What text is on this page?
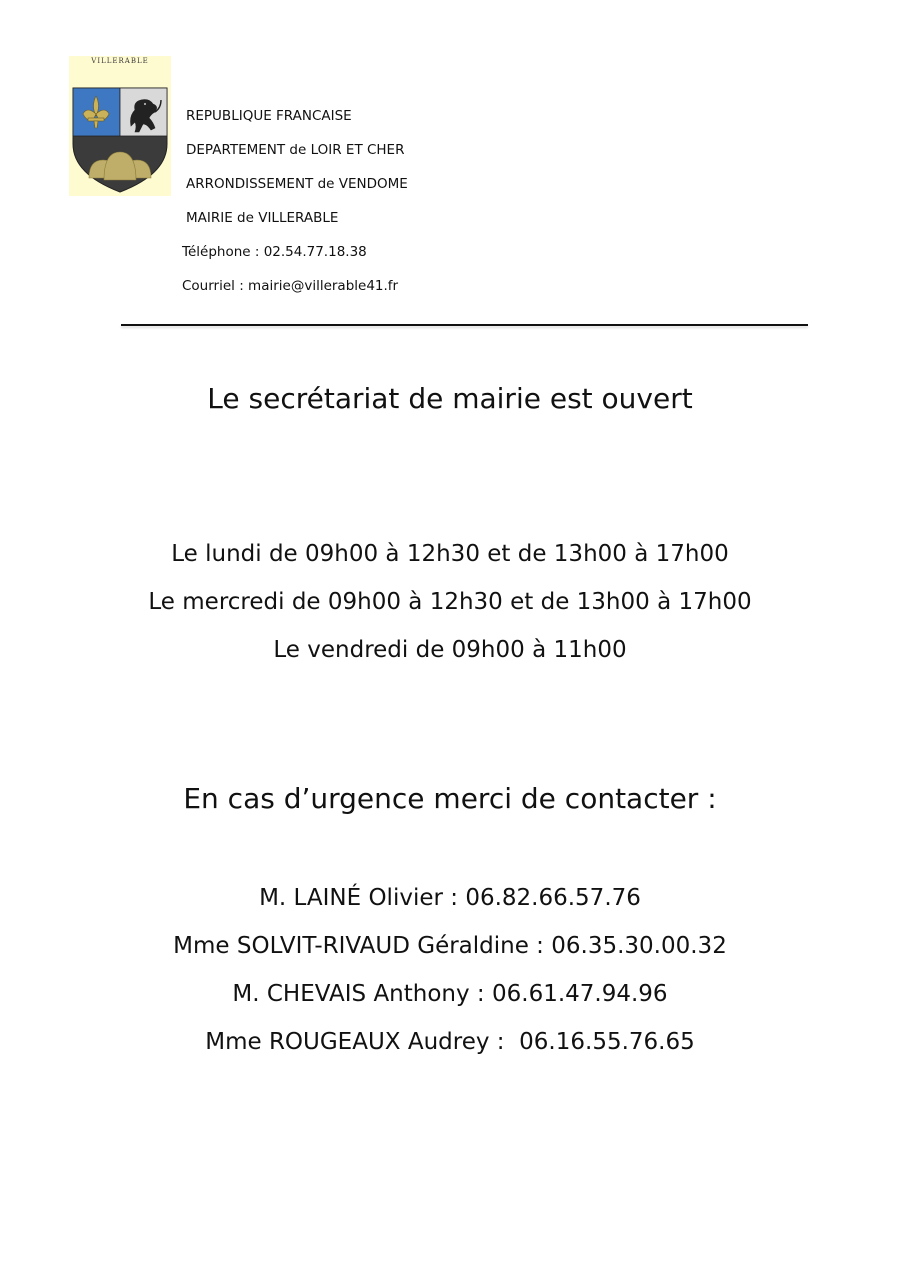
VILLERABLE
REPUBLIQUE FRANCAISE
DEPARTEMENT de LOIR ET CHER
ARRONDISSEMENT de VENDOME
MAIRIE de VILLERABLE
Téléphone : 02.54.77.18.38
Courriel : mairie@villerable41.fr
Le secrétariat de mairie est ouvert
Le lundi de 09h00 à 12h30 et de 13h00 à 17h00
Le mercredi de 09h00 à 12h30 et de 13h00 à 17h00
Le vendredi de 09h00 à 11h00
En cas d’urgence merci de contacter :
M. LAINÉ Olivier : 06.82.66.57.76
Mme SOLVIT-RIVAUD Géraldine : 06.35.30.00.32
M. CHEVAIS Anthony : 06.61.47.94.96
Mme ROUGEAUX Audrey :  06.16.55.76.65
